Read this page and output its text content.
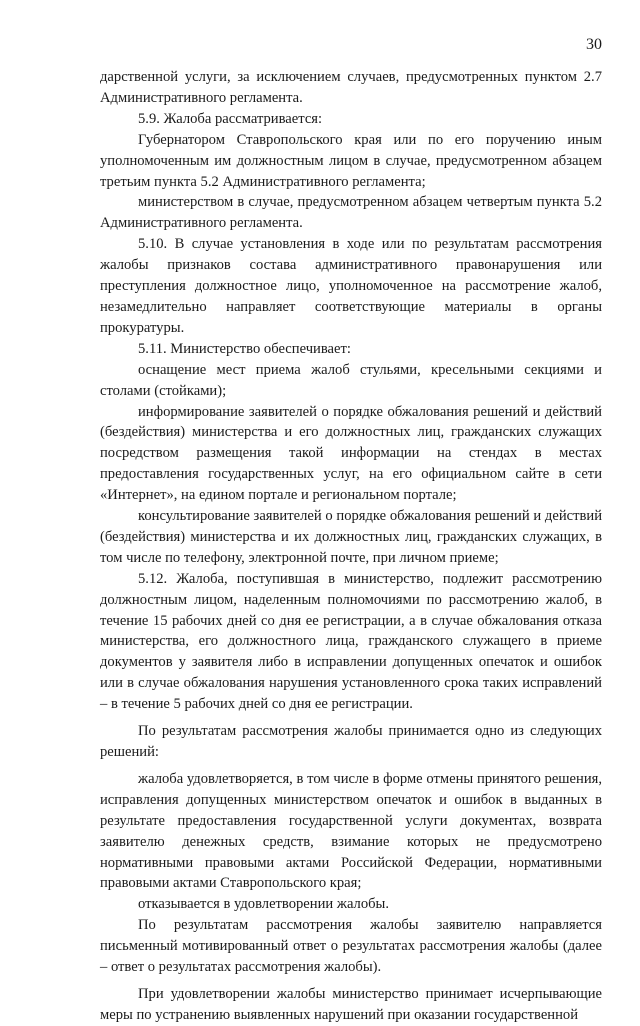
30

дарственной услуги, за исключением случаев, предусмотренных пунктом 2.7 Административного регламента.

5.9. Жалоба рассматривается:

Губернатором Ставропольского края или по его поручению иным уполномоченным им должностным лицом в случае, предусмотренном абзацем третьим пункта 5.2 Административного регламента;

министерством в случае, предусмотренном абзацем четвертым пункта 5.2 Административного регламента.

5.10. В случае установления в ходе или по результатам рассмотрения жалобы признаков состава административного правонарушения или преступления должностное лицо, уполномоченное на рассмотрение жалоб, незамедлительно направляет соответствующие материалы в органы прокуратуры.

5.11. Министерство обеспечивает:

оснащение мест приема жалоб стульями, кресельными секциями и столами (стойками);

информирование заявителей о порядке обжалования решений и действий (бездействия) министерства и его должностных лиц, гражданских служащих посредством размещения такой информации на стендах в местах предоставления государственных услуг, на его официальном сайте в сети «Интернет», на едином портале и региональном портале;

консультирование заявителей о порядке обжалования решений и действий (бездействия) министерства и их должностных лиц, гражданских служащих, в том числе по телефону, электронной почте, при личном приеме;

5.12. Жалоба, поступившая в министерство, подлежит рассмотрению должностным лицом, наделенным полномочиями по рассмотрению жалоб, в течение 15 рабочих дней со дня ее регистрации, а в случае обжалования отказа министерства, его должностного лица, гражданского служащего в приеме документов у заявителя либо в исправлении допущенных опечаток и ошибок или в случае обжалования нарушения установленного срока таких исправлений – в течение 5 рабочих дней со дня ее регистрации.

По результатам рассмотрения жалобы принимается одно из следующих решений:

жалоба удовлетворяется, в том числе в форме отмены принятого решения, исправления допущенных министерством опечаток и ошибок в выданных в результате предоставления государственной услуги документах, возврата заявителю денежных средств, взимание которых не предусмотрено нормативными правовыми актами Российской Федерации, нормативными правовыми актами Ставропольского края;

отказывается в удовлетворении жалобы.

По результатам рассмотрения жалобы заявителю направляется письменный мотивированный ответ о результатах рассмотрения жалобы (далее – ответ о результатах рассмотрения жалобы).

При удовлетворении жалобы министерство принимает исчерпывающие меры по устранению выявленных нарушений при оказании государственной
